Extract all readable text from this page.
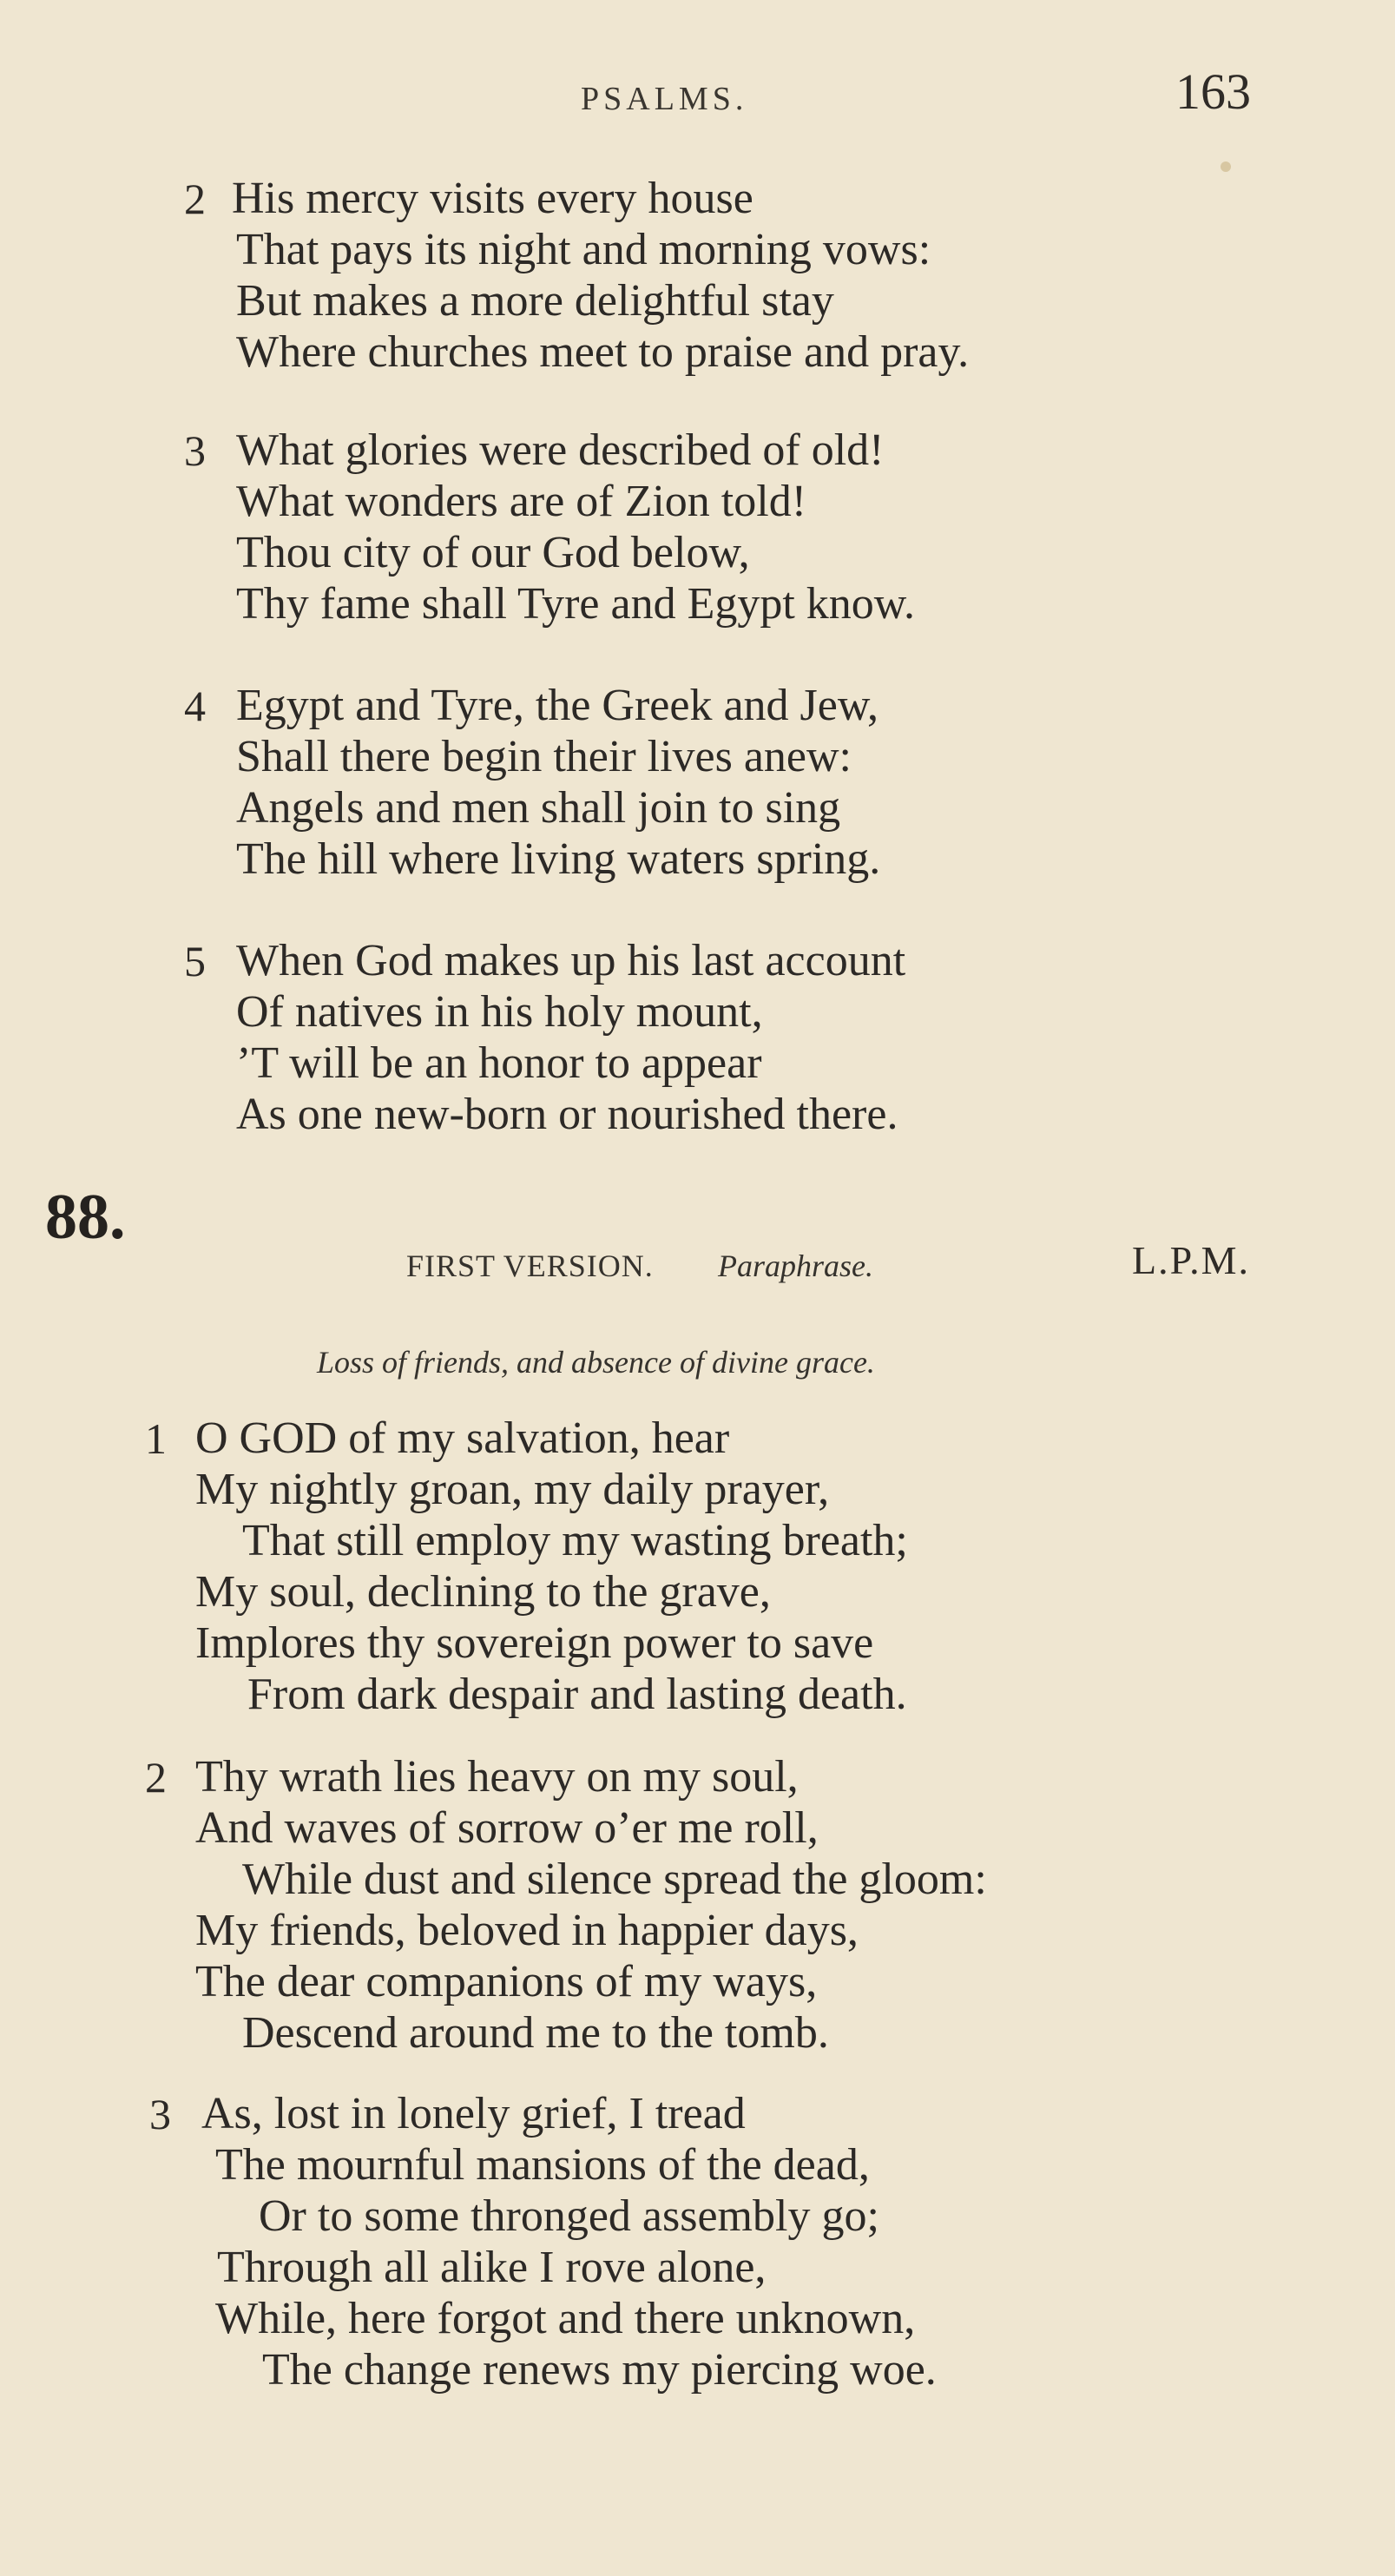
PSALMS.	163
2 His mercy visits every house
That pays its night and morning vows:
But makes a more delightful stay
Where churches meet to praise and pray.
3 What glories were described of old!
What wonders are of Zion told!
Thou city of our God below,
Thy fame shall Tyre and Egypt know.
4 Egypt and Tyre, the Greek and Jew,
Shall there begin their lives anew:
Angels and men shall join to sing
The hill where living waters spring.
5 When God makes up his last account
Of natives in his holy mount,
’T will be an honor to appear
As one new-born or nourished there.
88.
FIRST VERSION. Paraphrase.	L.P.M.
Loss of friends, and absence of divine grace.
1 O GOD of my salvation, hear
My nightly groan, my daily prayer,
That still employ my wasting breath;
My soul, declining to the grave,
Implores thy sovereign power to save
From dark despair and lasting death.
2 Thy wrath lies heavy on my soul,
And waves of sorrow o’er me roll,
While dust and silence spread the gloom:
My friends, beloved in happier days,
The dear companions of my ways,
Descend around me to the tomb.
3 As, lost in lonely grief, I tread
The mournful mansions of the dead,
Or to some thronged assembly go;
Through all alike I rove alone,
While, here forgot and there unknown,
The change renews my piercing woe.
